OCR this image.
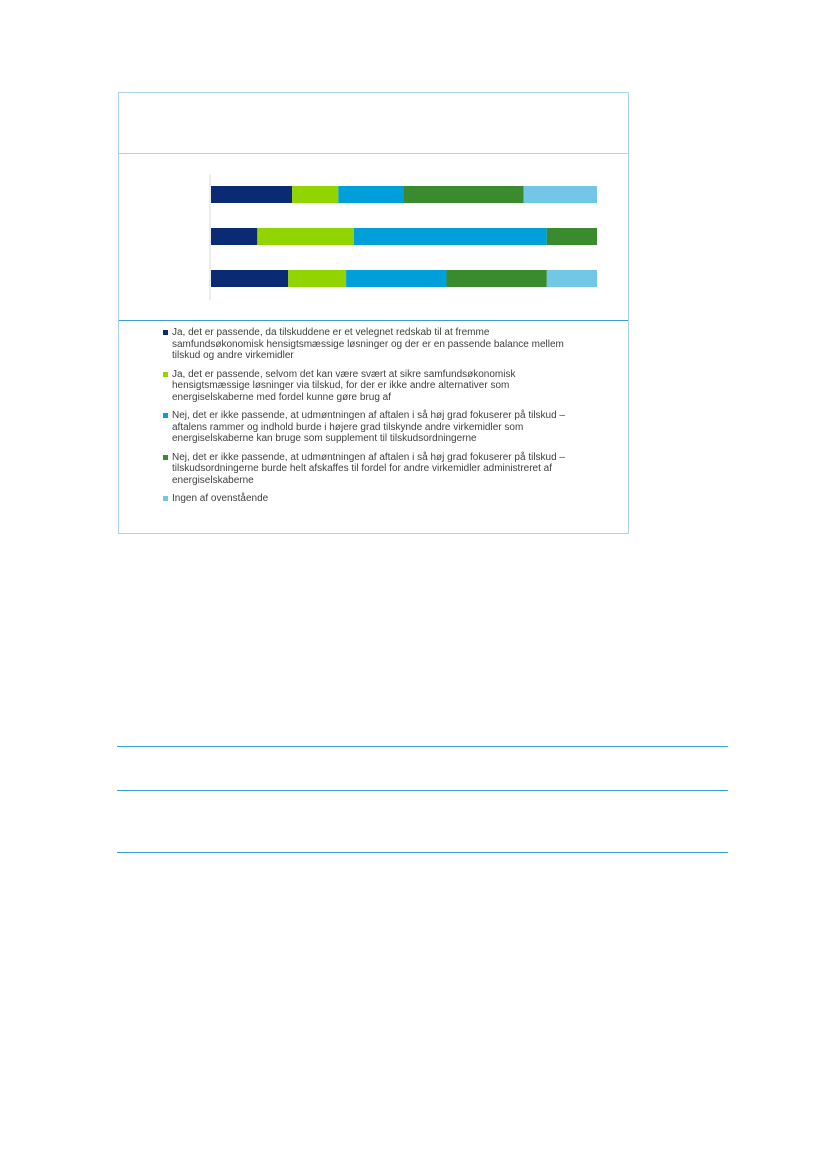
Ja, det er passende, da tilskuddene er et velegnet redskab til at fremme samfundsøkonomisk hensigtsmæssige løsninger og der er en passende balance mellem tilskud og andre virkemidler
Ja, det er passende, selvom det kan være svært at sikre samfundsøkonomisk hensigtsmæssige løsninger via tilskud, for der er ikke andre alternativer som energiselskaberne med fordel kunne gøre brug af
Nej, det er ikke passende, at udmøntningen af aftalen i så høj grad fokuserer på tilskud – aftalens rammer og indhold burde i højere grad tilskynde andre virkemidler som energiselskaberne kan bruge som supplement til tilskudsordningerne
Nej, det er ikke passende, at udmøntningen af aftalen i så høj grad fokuserer på tilskud –tilskudsordningerne burde helt afskaffes til fordel for andre virkemidler administreret af energiselskaberne
Ingen af ovenstående
